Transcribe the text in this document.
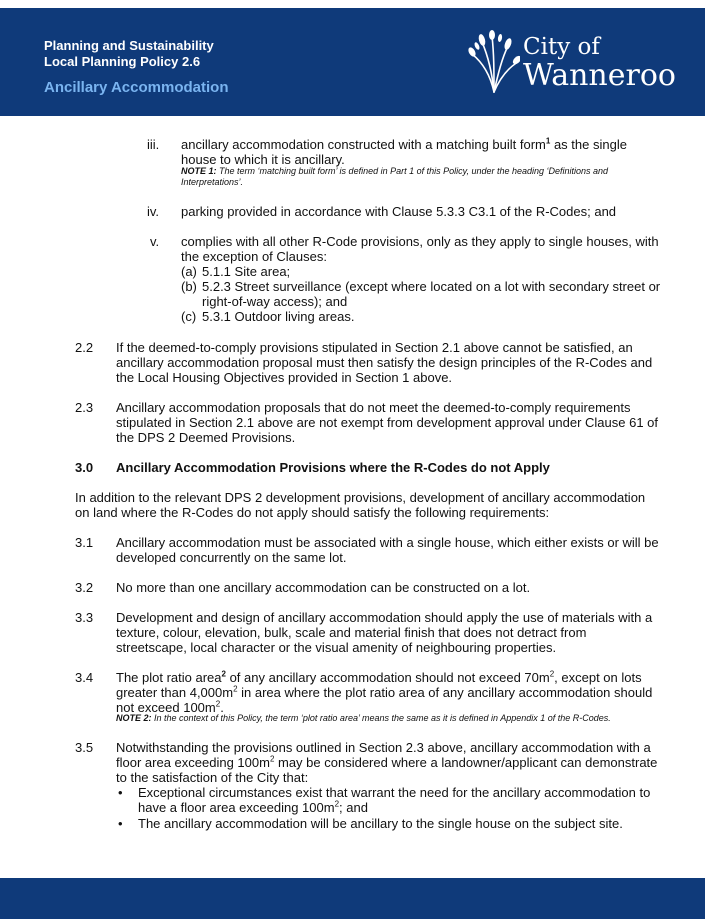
Planning and Sustainability
Local Planning Policy 2.6
Ancillary Accommodation
City of
Wanneroo
iii. ancillary accommodation constructed with a matching built form$^1$ as the single
house to which it is ancillary.
NOTE 1: The term ‘matching built form’ is defined in Part 1 of this Policy, under the heading ‘Definitions and
Interpretations’.
iv. parking provided in accordance with Clause 5.3.3 C3.1 of the R-Codes; and
v. complies with all other R-Code provisions, only as they apply to single houses, with
the exception of Clauses:
(a) 5.1.1 Site area;
(b) 5.2.3 Street surveillance (except where located on a lot with secondary street or
right-of-way access); and
(c) 5.3.1 Outdoor living areas.
2.2 If the deemed-to-comply provisions stipulated in Section 2.1 above cannot be satisfied, an
ancillary accommodation proposal must then satisfy the design principles of the R-Codes and
the Local Housing Objectives provided in Section 1 above.
2.3 Ancillary accommodation proposals that do not meet the deemed-to-comply requirements
stipulated in Section 2.1 above are not exempt from development approval under Clause 61 of
the DPS 2 Deemed Provisions.
3.0 Ancillary Accommodation Provisions where the R-Codes do not Apply
In addition to the relevant DPS 2 development provisions, development of ancillary accommodation
on land where the R-Codes do not apply should satisfy the following requirements:
3.1 Ancillary accommodation must be associated with a single house, which either exists or will be
developed concurrently on the same lot.
3.2 No more than one ancillary accommodation can be constructed on a lot.
3.3 Development and design of ancillary accommodation should apply the use of materials with a
texture, colour, elevation, bulk, scale and material finish that does not detract from
streetscape, local character or the visual amenity of neighbouring properties.
3.4 The plot ratio area$^2$ of any ancillary accommodation should not exceed $70m^2$, except on lots
greater than $4,000m^2$ in area where the plot ratio area of any ancillary accommodation should
not exceed $100m^2$.
NOTE 2: In the context of this Policy, the term ‘plot ratio area’ means the same as it is defined in Appendix 1 of the R-Codes.
3.5 Notwithstanding the provisions outlined in Section 2.3 above, ancillary accommodation with a
floor area exceeding $100m^2$ may be considered where a landowner/applicant can demonstrate
to the satisfaction of the City that:
• Exceptional circumstances exist that warrant the need for the ancillary accommodation to
have a floor area exceeding $100m^2$; and
• The ancillary accommodation will be ancillary to the single house on the subject site.
